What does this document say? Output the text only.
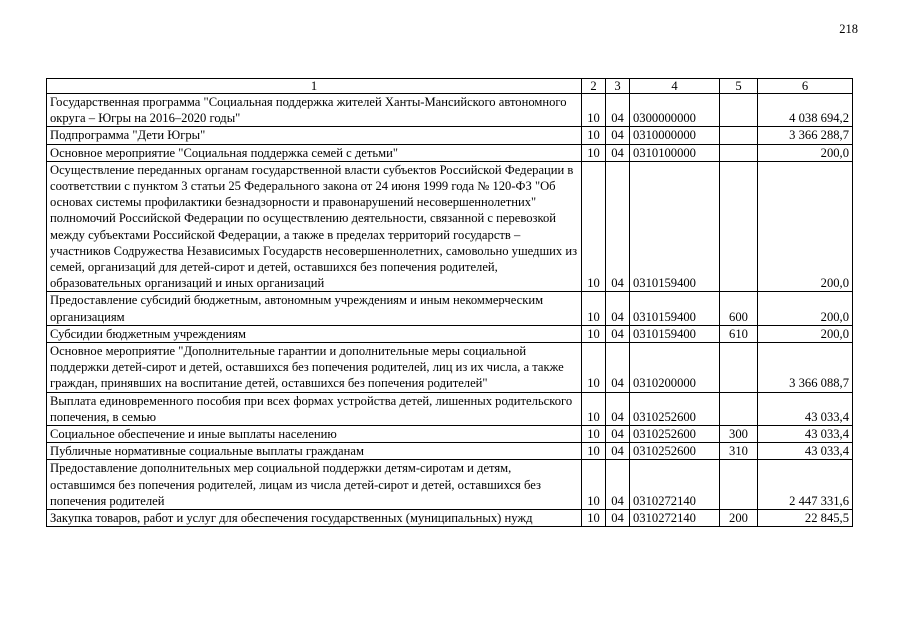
218
1	2	3	4	5	6
Государственная программа "Социальная поддержка жителей Ханты-Мансийского автономного округа – Югры на 2016–2020 годы"	10	04	0300000000		4 038 694,2
Подпрограмма "Дети Югры"	10	04	0310000000		3 366 288,7
Основное мероприятие "Социальная поддержка семей с детьми"	10	04	0310100000		200,0
Осуществление переданных органам государственной власти субъектов Российской Федерации в соответствии с пунктом 3 статьи 25 Федерального закона от 24 июня 1999 года № 120-ФЗ "Об основах системы профилактики безнадзорности и правонарушений несовершеннолетних" полномочий Российской Федерации по осуществлению деятельности, связанной с перевозкой между субъектами Российской Федерации, а также в пределах территорий государств – участников Содружества Независимых Государств несовершеннолетних, самовольно ушедших из семей, организаций для детей-сирот и детей, оставшихся без попечения родителей, образовательных организаций и иных организаций	10	04	0310159400		200,0
Предоставление субсидий бюджетным, автономным учреждениям и иным некоммерческим организациям	10	04	0310159400	600	200,0
Субсидии бюджетным учреждениям	10	04	0310159400	610	200,0
Основное мероприятие "Дополнительные гарантии и дополнительные меры социальной поддержки детей-сирот и детей, оставшихся без попечения родителей, лиц из их числа, а также граждан, принявших на воспитание детей, оставшихся без попечения родителей"	10	04	0310200000		3 366 088,7
Выплата единовременного пособия при всех формах устройства детей, лишенных родительского попечения, в семью	10	04	0310252600		43 033,4
Социальное обеспечение и иные выплаты населению	10	04	0310252600	300	43 033,4
Публичные нормативные социальные выплаты гражданам	10	04	0310252600	310	43 033,4
Предоставление дополнительных мер социальной поддержки детям-сиротам и детям, оставшимся без попечения родителей, лицам из числа детей-сирот и детей, оставшихся без попечения родителей	10	04	0310272140		2 447 331,6
Закупка товаров, работ и услуг для обеспечения государственных (муниципальных) нужд	10	04	0310272140	200	22 845,5
